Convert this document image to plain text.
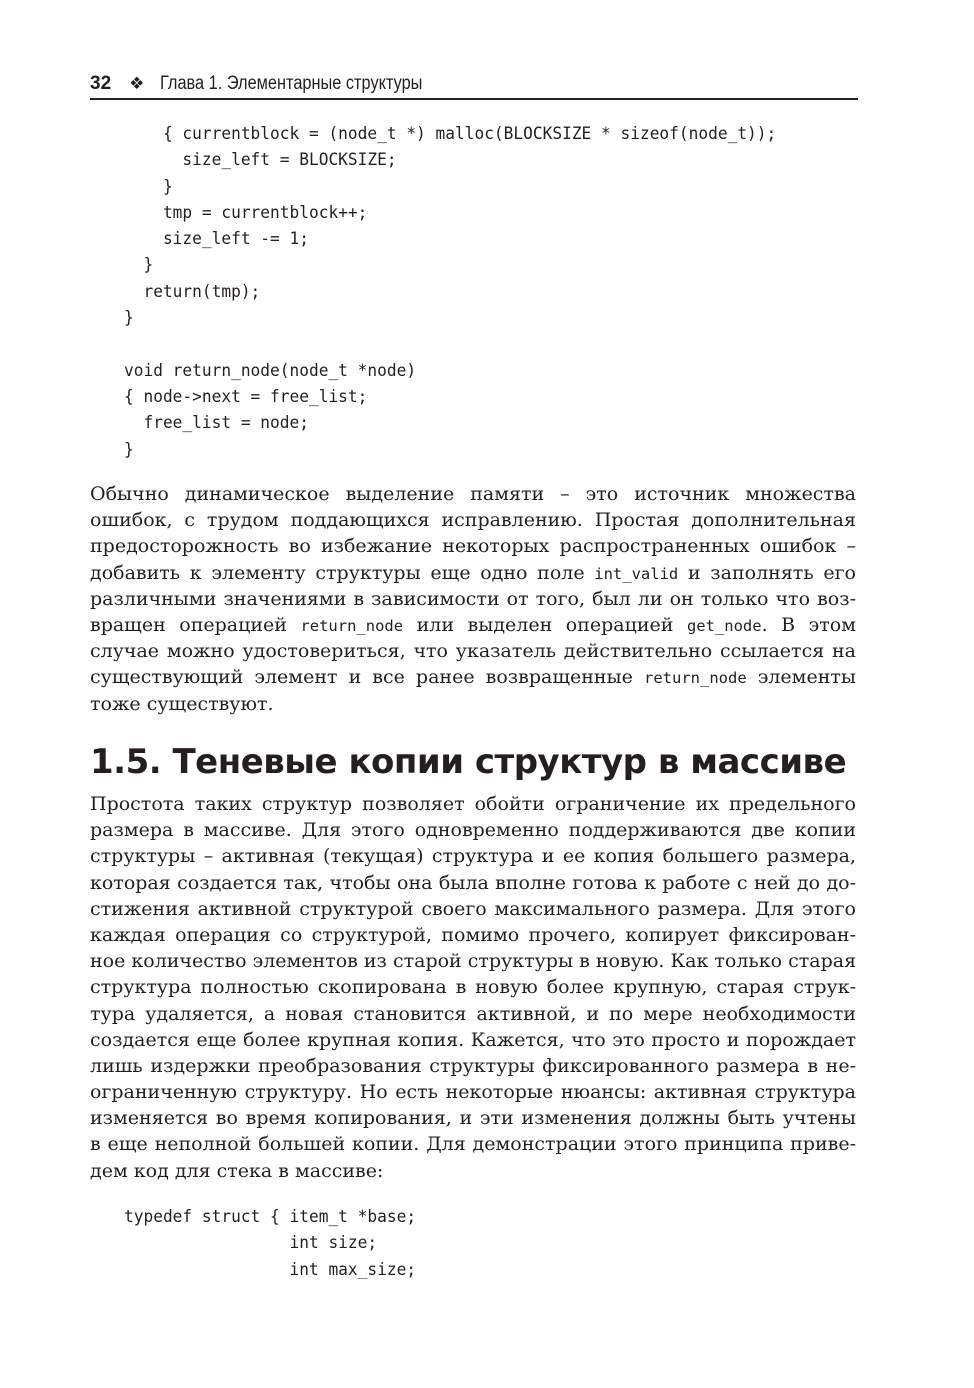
32 ❖ Глава 1. Элементарные структуры
{ currentblock = (node_t *) malloc(BLOCKSIZE * sizeof(node_t));
size_left = BLOCKSIZE;
}
tmp = currentblock++;
size_left -= 1;
}
return(tmp);
}
void return_node(node_t *node)
{ node->next = free_list;
free_list = node;
}
Обычно динамическое выделение памяти – это источник множества
ошибок, с трудом поддающихся исправлению. Простая дополнительная
предосторожность во избежание некоторых распространенных ошибок –
добавить к элементу структуры еще одно поле int_valid и заполнять его
различными значениями в зависимости от того, был ли он только что воз-
вращен операцией return_node или выделен операцией get_node. В этом
случае можно удостовериться, что указатель действительно ссылается на
существующий элемент и все ранее возвращенные return_node элементы
тоже существуют.
1.5. Теневые копии структур в массиве
Простота таких структур позволяет обойти ограничение их предельного
размера в массиве. Для этого одновременно поддерживаются две копии
структуры – активная (текущая) структура и ее копия большего размера,
которая создается так, чтобы она была вполне готова к работе с ней до до-
стижения активной структурой своего максимального размера. Для этого
каждая операция со структурой, помимо прочего, копирует фиксирован-
ное количество элементов из старой структуры в новую. Как только старая
структура полностью скопирована в новую более крупную, старая струк-
тура удаляется, а новая становится активной, и по мере необходимости
создается еще более крупная копия. Кажется, что это просто и порождает
лишь издержки преобразования структуры фиксированного размера в не-
ограниченную структуру. Но есть некоторые нюансы: активная структура
изменяется во время копирования, и эти изменения должны быть учтены
в еще неполной большей копии. Для демонстрации этого принципа приве-
дем код для стека в массиве:
typedef struct { item_t *base;
int size;
int max_size;
